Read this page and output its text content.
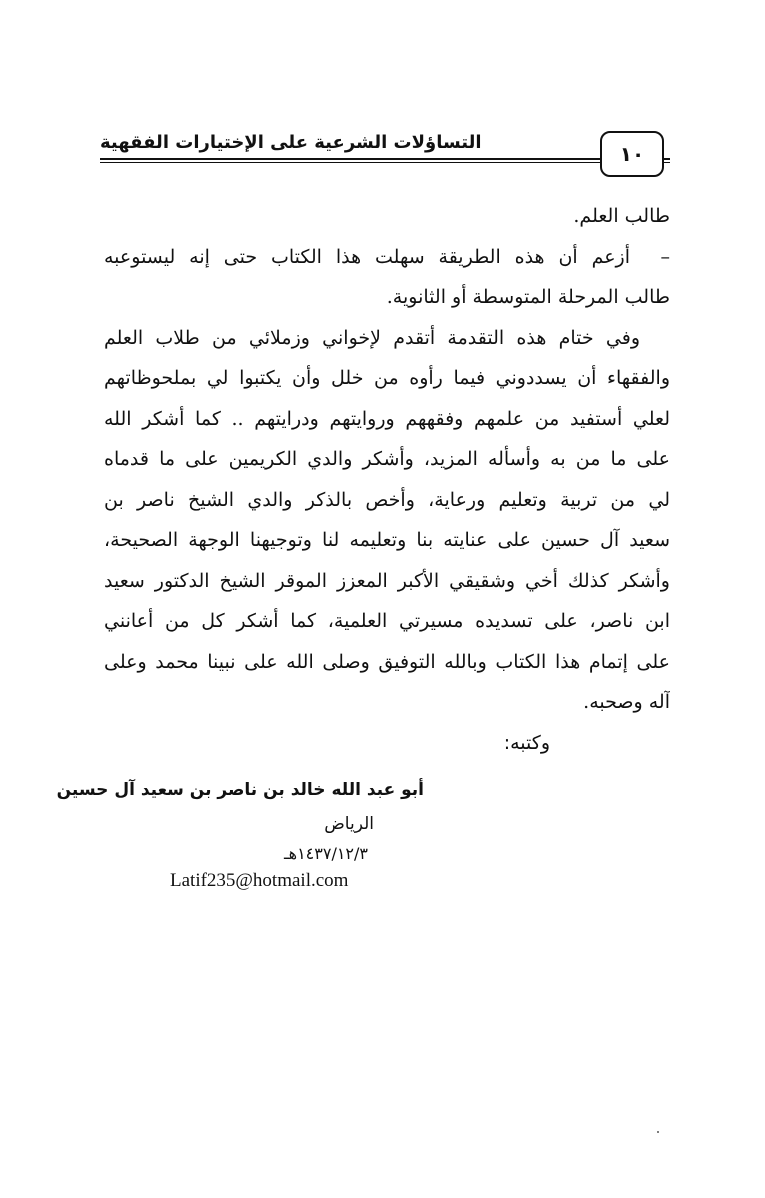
التساؤلات الشرعية على الإختيارات الفقهية	١٠
طالب العلم.
–
أزعم أن هذه الطريقة سهلت هذا الكتاب حتى إنه ليستوعبه
طالب المرحلة المتوسطة أو الثانوية.
وفي ختام هذه التقدمة أتقدم لإخواني وزملائي من طلاب العلم
والفقهاء أن يسددوني فيما رأوه من خلل وأن يكتبوا لي بملحوظاتهم
لعلي أستفيد من علمهم وفقههم وروايتهم ودرايتهم .. كما أشكر الله
على ما من به وأسأله المزيد، وأشكر والدي الكريمين على ما قدماه
لي من تربية وتعليم ورعاية، وأخص بالذكر والدي الشيخ ناصر بن
سعيد آل حسين على عنايته بنا وتعليمه لنا وتوجيهنا الوجهة الصحيحة،
وأشكر كذلك أخي وشقيقي الأكبر المعزز الموقر الشيخ الدكتور سعيد
ابن ناصر، على تسديده مسيرتي العلمية، كما أشكر كل من أعانني
على إتمام هذا الكتاب وبالله التوفيق وصلى الله على نبينا محمد وعلى
آله وصحبه.
وكتبه:
أبو عبد الله خالد بن ناصر بن سعيد آل حسين
الرياض
١٤٣٧/١٢/٣هـ
Latif235@hotmail.com
